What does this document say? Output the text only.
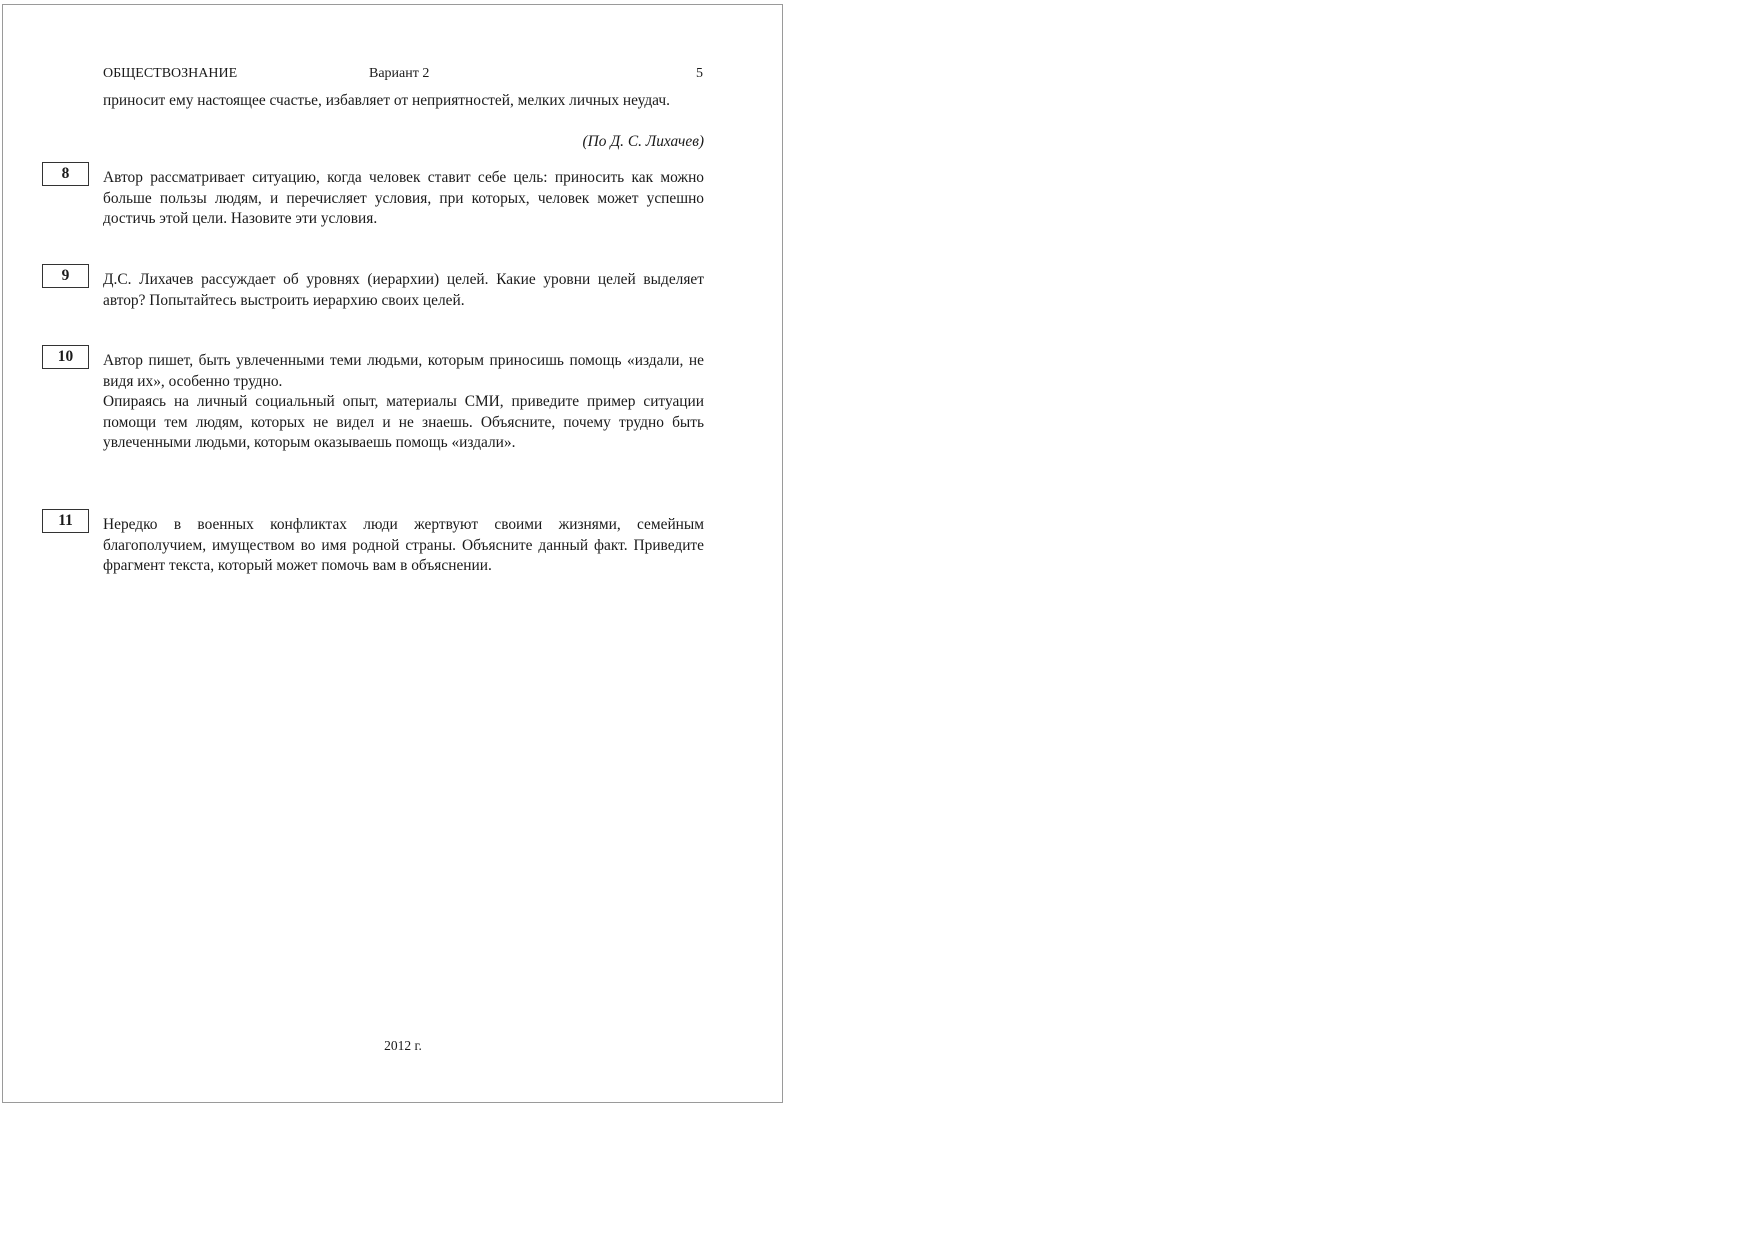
ОБЩЕСТВОЗНАНИЕ	Вариант 2	5

приносит ему настоящее счастье, избавляет от неприятностей, мелких личных неудач.

(По Д. С. Лихачев)
8	Автор рассматривает ситуацию, когда человек ставит себе цель: приносить как можно больше пользы людям, и перечисляет условия, при которых, человек может успешно достичь этой цели. Назовите эти условия.

9	Д.С. Лихачев рассуждает об уровнях (иерархии) целей. Какие уровни целей выделяет автор? Попытайтесь выстроить иерархию своих целей.

10	Автор пишет, быть увлеченными теми людьми, которым приносишь помощь «издали, не видя их», особенно трудно.

Опираясь на личный социальный опыт, материалы СМИ, приведите пример ситуации помощи тем людям, которых не видел и не знаешь. Объясните, почему трудно быть увлеченными людьми, которым оказываешь помощь «издали».

11	Нередко в военных конфликтах люди жертвуют своими жизнями, семейным благополучием, имуществом во имя родной страны. Объясните данный факт. Приведите фрагмент текста, который может помочь вам в объяснении.

2012 г.
